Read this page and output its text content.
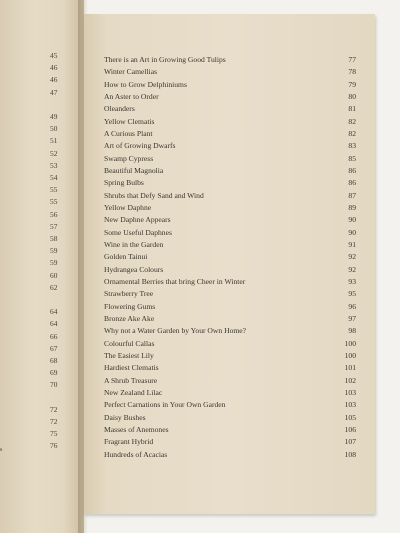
s
45
46
46
47
49
50
51
52
53
54
55
55
56
57
58
59
59
60
62
64
64
66
67
68
69
70
72
72
75
76
There is an Art in Growing Good Tulips	77
Winter Camellias	78
How to Grow Delphiniums	79
An Aster to Order	80
Oleanders	81
Yellow Clematis	82
A Curious Plant	82
Art of Growing Dwarfs	83
Swamp Cypress	85
Beautiful Magnolia	86
Spring Bulbs	86
Shrubs that Defy Sand and Wind	87
Yellow Daphne	89
New Daphne Appears	90
Some Useful Daphnes	90
Wine in the Garden	91
Golden Tainui	92
Hydrangea Colours	92
Ornamental Berries that bring Cheer in Winter	93
Strawberry Tree	95
Flowering Gums	96
Bronze Ake Ake	97
Why not a Water Garden by Your Own Home?	98
Colourful Callas	100
The Easiest Lily	100
Hardiest Clematis	101
A Shrub Treasure	102
New Zealand Lilac	103
Perfect Carnations in Your Own Garden	103
Daisy Bushes	105
Masses of Anemones	106
Fragrant Hybrid	107
Hundreds of Acacias	108
